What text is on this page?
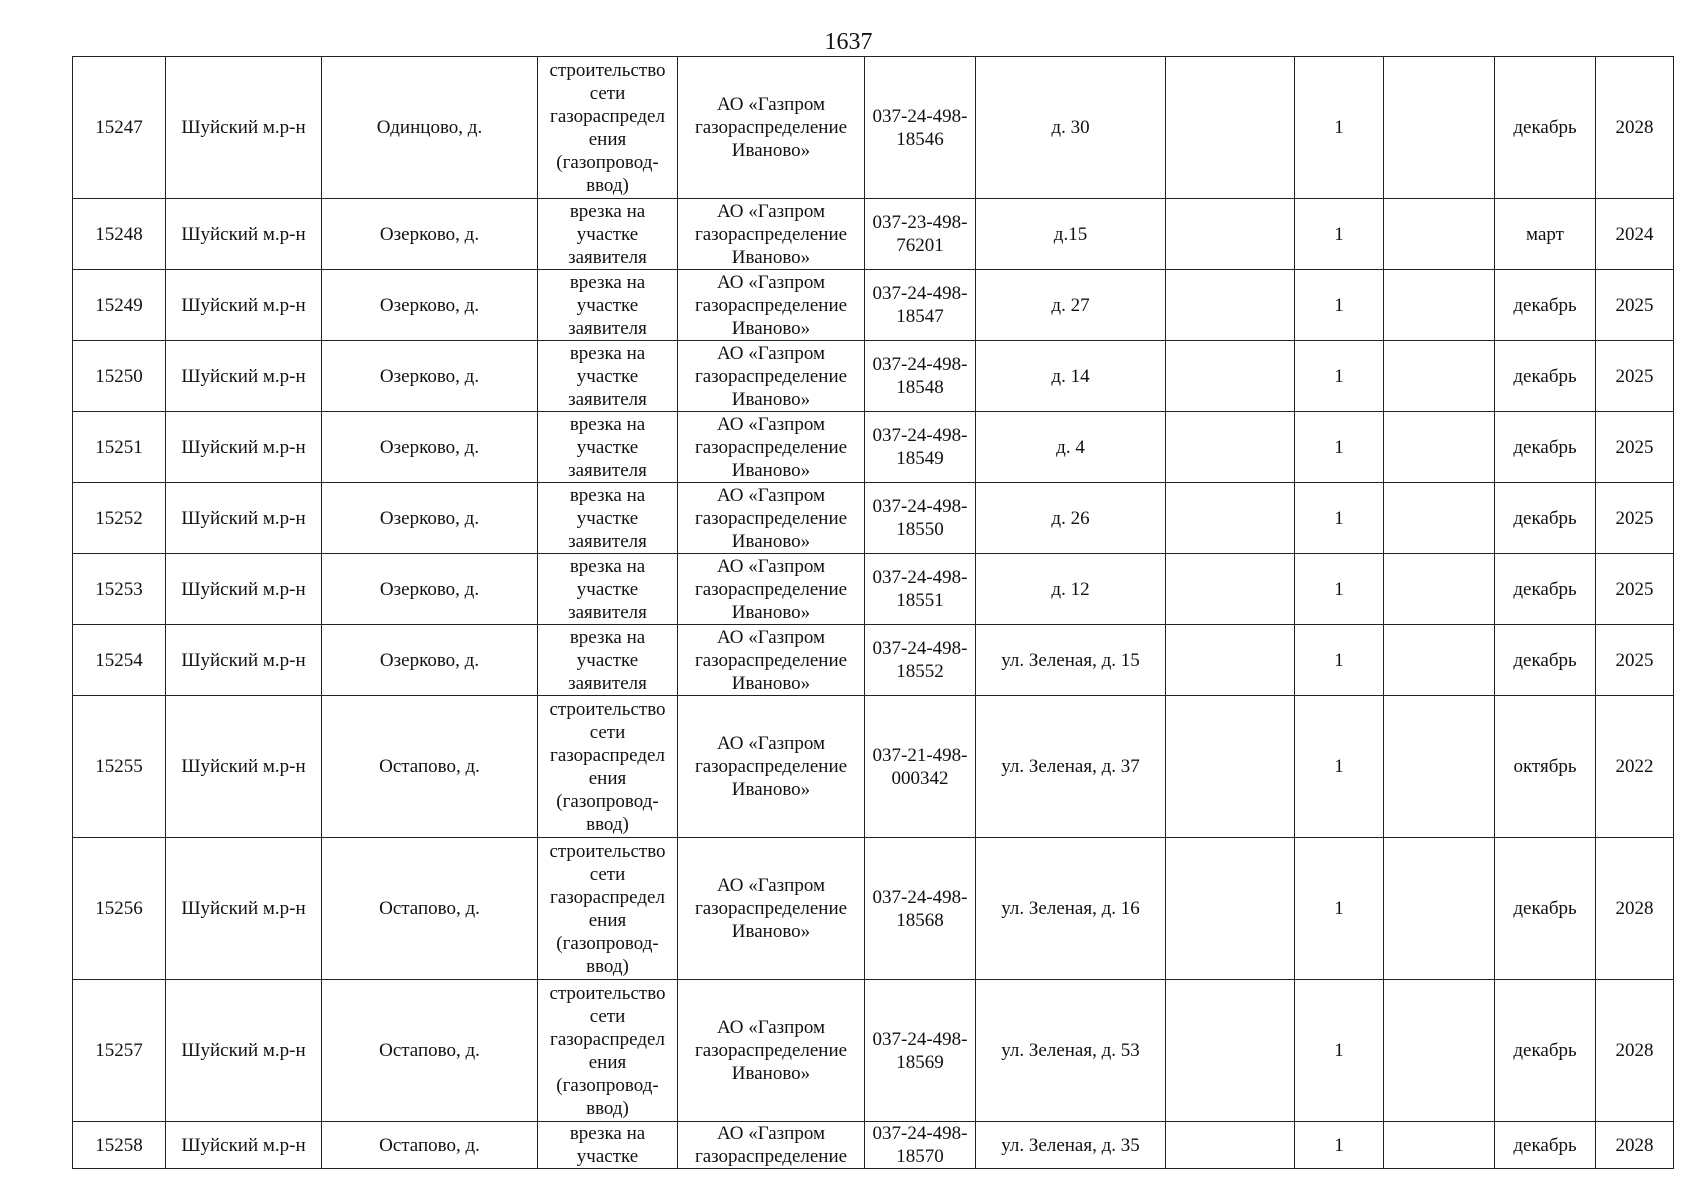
1637
15247	Шуйский м.р-н	Одинцово, д.	строительство сети газораспределения (газопровод-ввод)	АО «Газпром газораспределение Иваново»	037-24-498-18546	д. 30		1		декабрь	2028
15248	Шуйский м.р-н	Озерково, д.	врезка на участке заявителя	АО «Газпром газораспределение Иваново»	037-23-498-76201	д.15		1		март	2024
15249	Шуйский м.р-н	Озерково, д.	врезка на участке заявителя	АО «Газпром газораспределение Иваново»	037-24-498-18547	д. 27		1		декабрь	2025
15250	Шуйский м.р-н	Озерково, д.	врезка на участке заявителя	АО «Газпром газораспределение Иваново»	037-24-498-18548	д. 14		1		декабрь	2025
15251	Шуйский м.р-н	Озерково, д.	врезка на участке заявителя	АО «Газпром газораспределение Иваново»	037-24-498-18549	д. 4		1		декабрь	2025
15252	Шуйский м.р-н	Озерково, д.	врезка на участке заявителя	АО «Газпром газораспределение Иваново»	037-24-498-18550	д. 26		1		декабрь	2025
15253	Шуйский м.р-н	Озерково, д.	врезка на участке заявителя	АО «Газпром газораспределение Иваново»	037-24-498-18551	д. 12		1		декабрь	2025
15254	Шуйский м.р-н	Озерково, д.	врезка на участке заявителя	АО «Газпром газораспределение Иваново»	037-24-498-18552	ул. Зеленая, д. 15		1		декабрь	2025
15255	Шуйский м.р-н	Остапово, д.	строительство сети газораспределения (газопровод-ввод)	АО «Газпром газораспределение Иваново»	037-21-498-000342	ул. Зеленая, д. 37		1		октябрь	2022
15256	Шуйский м.р-н	Остапово, д.	строительство сети газораспределения (газопровод-ввод)	АО «Газпром газораспределение Иваново»	037-24-498-18568	ул. Зеленая, д. 16		1		декабрь	2028
15257	Шуйский м.р-н	Остапово, д.	строительство сети газораспределения (газопровод-ввод)	АО «Газпром газораспределение Иваново»	037-24-498-18569	ул. Зеленая, д. 53		1		декабрь	2028
15258	Шуйский м.р-н	Остапово, д.	врезка на участке	АО «Газпром газораспределение	037-24-498-18570	ул. Зеленая, д. 35		1		декабрь	2028
